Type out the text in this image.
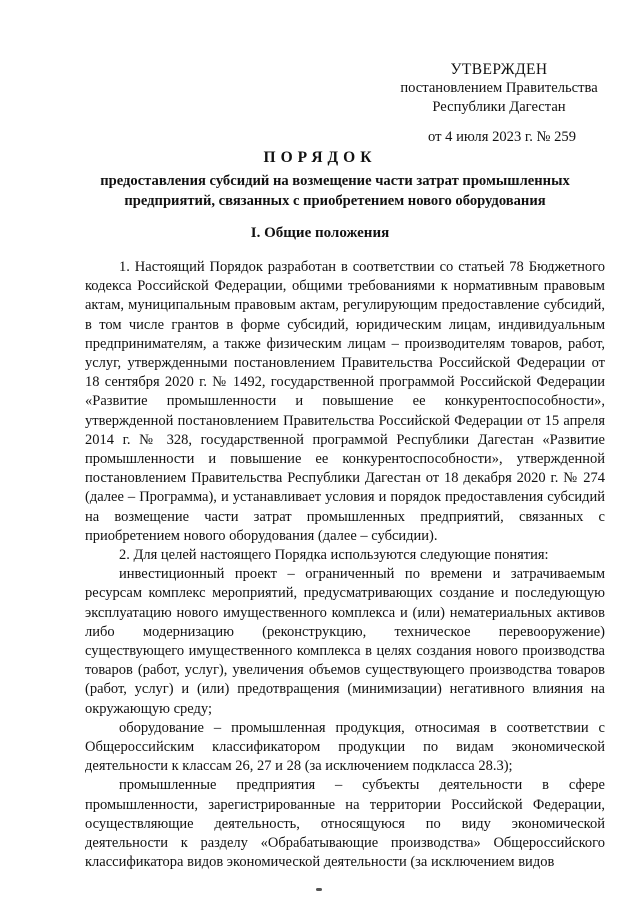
УТВЕРЖДЕН
постановлением Правительства
Республики Дагестан
от 4 июля 2023 г. № 259
ПОРЯДОК
предоставления субсидий на возмещение части затрат промышленных предприятий, связанных с приобретением нового оборудования
I. Общие положения

1. Настоящий Порядок разработан в соответствии со статьей 78 Бюджетного кодекса Российской Федерации, общими требованиями к нормативным правовым актам, муниципальным правовым актам, регулирующим предоставление субсидий, в том числе грантов в форме субсидий, юридическим лицам, индивидуальным предпринимателям, а также физическим лицам – производителям товаров, работ, услуг, утвержденными постановлением Правительства Российской Федерации от 18 сентября 2020 г. № 1492, государственной программой Российской Федерации «Развитие промышленности и повышение ее конкурентоспособности», утвержденной постановлением Правительства Российской Федерации от 15 апреля 2014 г. № 328, государственной программой Республики Дагестан «Развитие промышленности и повышение ее конкурентоспособности», утвержденной постановлением Правительства Республики Дагестан от 18 декабря 2020 г. № 274 (далее – Программа), и устанавливает условия и порядок предоставления субсидий на возмещение части затрат промышленных предприятий, связанных с приобретением нового оборудования (далее – субсидии).

2. Для целей настоящего Порядка используются следующие понятия:

инвестиционный проект – ограниченный по времени и затрачиваемым ресурсам комплекс мероприятий, предусматривающих создание и последующую эксплуатацию нового имущественного комплекса и (или) нематериальных активов либо модернизацию (реконструкцию, техническое перевооружение) существующего имущественного комплекса в целях создания нового производства товаров (работ, услуг), увеличения объемов существующего производства товаров (работ, услуг) и (или) предотвращения (минимизации) негативного влияния на окружающую среду;

оборудование – промышленная продукция, относимая в соответствии с Общероссийским классификатором продукции по видам экономической деятельности к классам 26, 27 и 28 (за исключением подкласса 28.3);

промышленные предприятия – субъекты деятельности в сфере промышленности, зарегистрированные на территории Российской Федерации, осуществляющие деятельность, относящуюся по виду экономической деятельности к разделу «Обрабатывающие производства» Общероссийского классификатора видов экономической деятельности (за исключением видов
